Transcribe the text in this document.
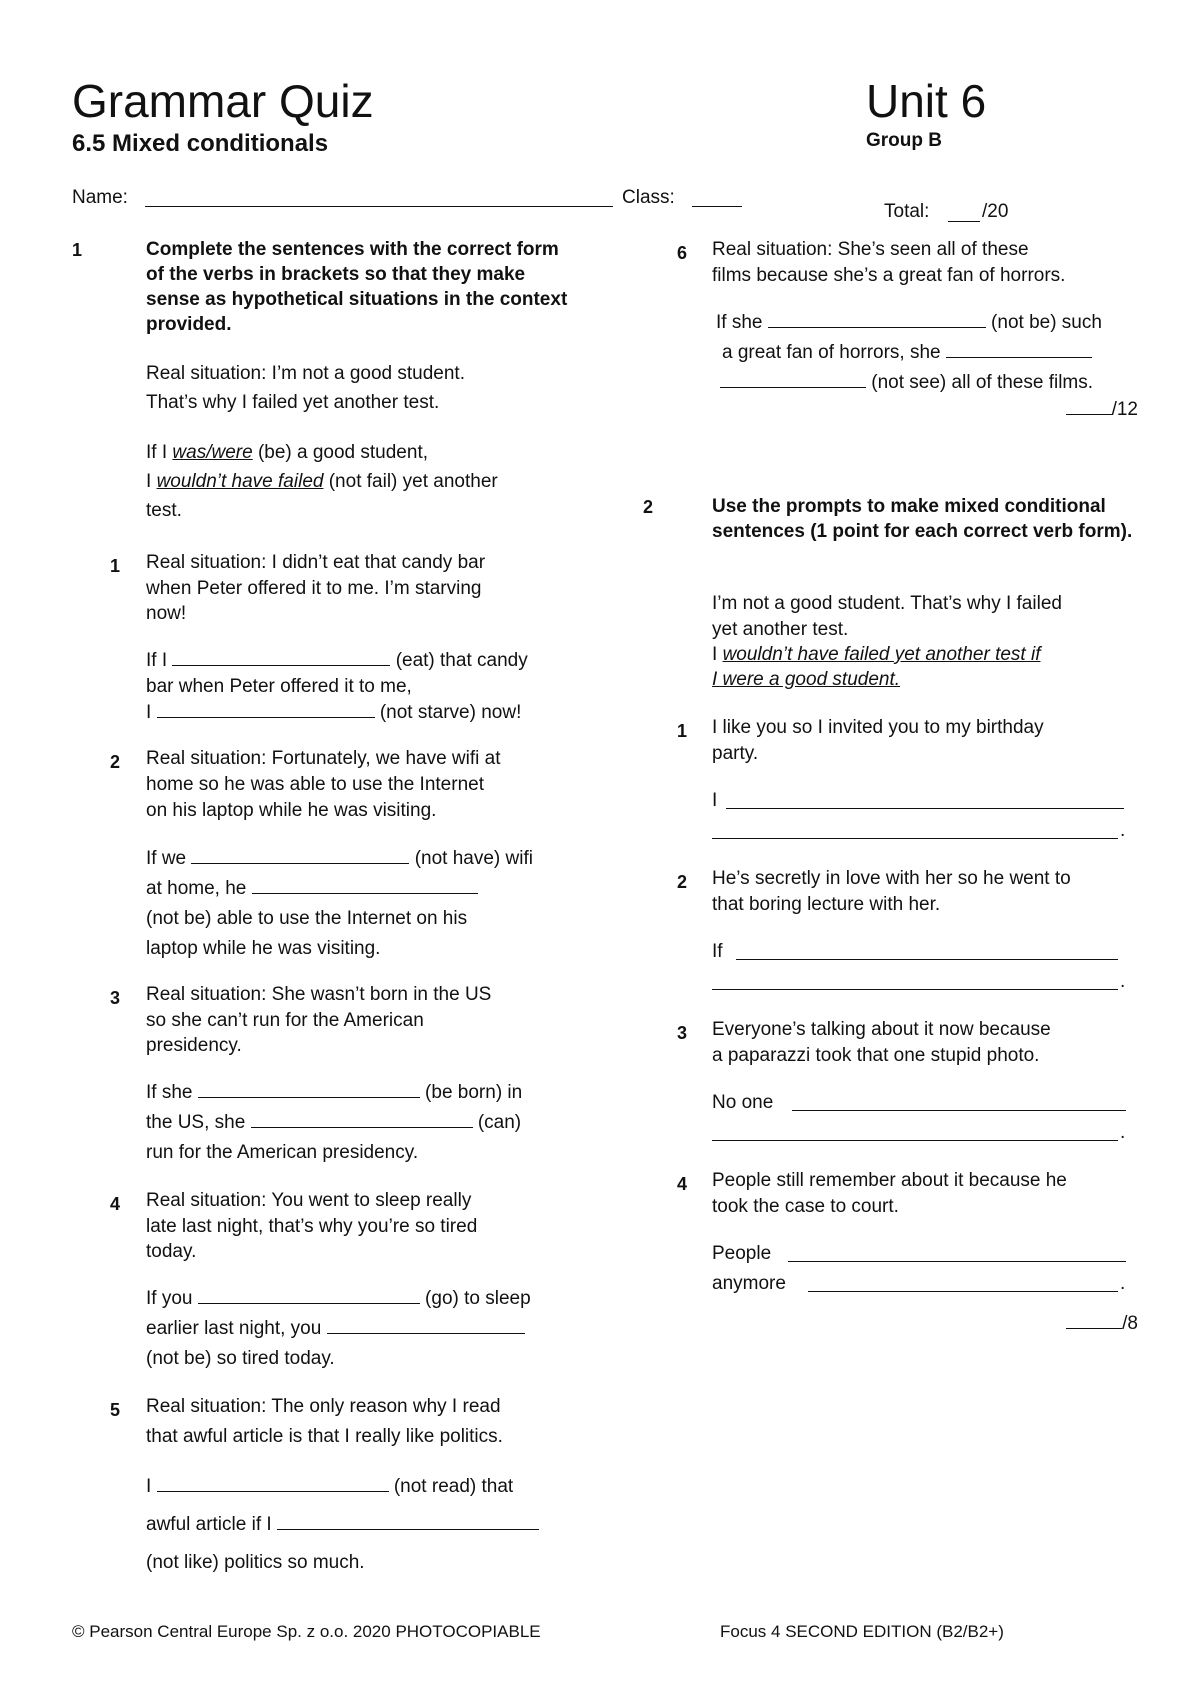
Grammar Quiz
6.5 Mixed conditionals
Unit 6
Group B
Name:	Class:
Total:	/20
1	Complete the sentences with the correct form of the verbs in brackets so that they make sense as hypothetical situations in the context provided.
Real situation: I’m not a good student.
That’s why I failed yet another test.
If I was/were (be) a good student,
I wouldn’t have failed (not fail) yet another
test.
1 Real situation: I didn’t eat that candy bar
when Peter offered it to me. I’m starving
now!
If I	(eat) that candy
bar when Peter offered it to me,
I	(not starve) now!
2 Real situation: Fortunately, we have wifi at
home so he was able to use the Internet
on his laptop while he was visiting.
If we	(not have) wifi
at home, he
(not be) able to use the Internet on his
laptop while he was visiting.
3 Real situation: She wasn’t born in the US
so she can’t run for the American
presidency.
If she	(be born) in
the US, she	(can)
run for the American presidency.
4 Real situation: You went to sleep really
late last night, that’s why you’re so tired
today.
If you	(go) to sleep
earlier last night, you
(not be) so tired today.
5 Real situation: The only reason why I read
that awful article is that I really like politics.
I	(not read) that
awful article if I
(not like) politics so much.
6 Real situation: She’s seen all of these
films because she’s a great fan of horrors.
If she	(not be) such
a great fan of horrors, she
(not see) all of these films.
/12
2	Use the prompts to make mixed conditional sentences (1 point for each correct verb form).
I’m not a good student. That’s why I failed
yet another test.
I wouldn’t have failed yet another test if
I were a good student.
1 I like you so I invited you to my birthday
party.
I
.
2 He’s secretly in love with her so he went to
that boring lecture with her.
If
.
3 Everyone’s talking about it now because
a paparazzi took that one stupid photo.
No one
.
4 People still remember about it because he
took the case to court.
People
anymore	.
/8
© Pearson Central Europe Sp. z o.o. 2020 PHOTOCOPIABLE	Focus 4 SECOND EDITION (B2/B2+)
